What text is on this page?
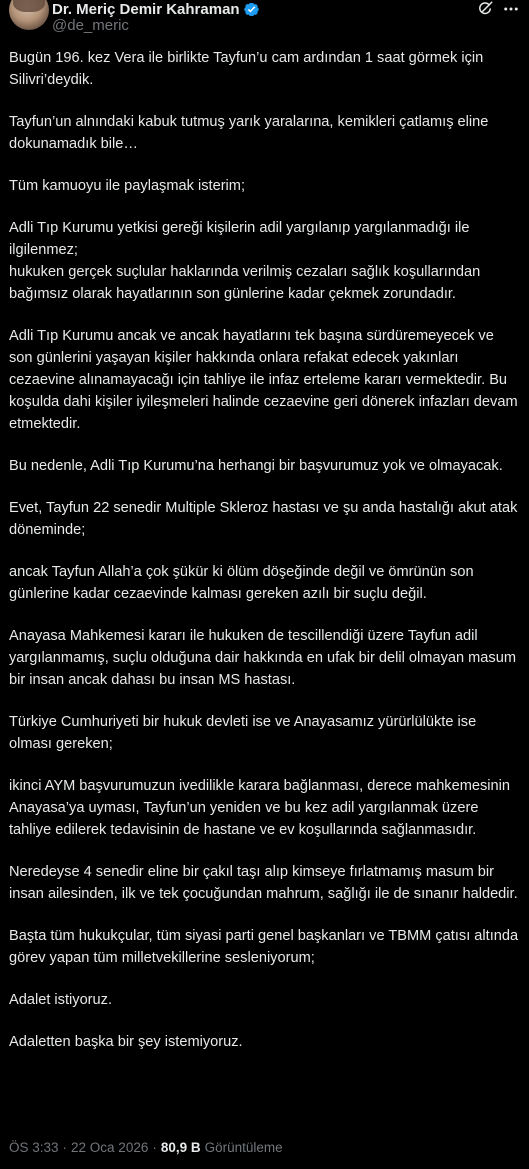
Dr. Meriç Demir Kahraman
@de_meric

Bugün 196. kez Vera ile birlikte Tayfun’u cam ardından 1 saat görmek için Silivri’deydik.

Tayfun’un alnındaki kabuk tutmuş yarık yaralarına, kemikleri çatlamış eline dokunamadık bile…

Tüm kamuoyu ile paylaşmak isterim;

Adli Tıp Kurumu yetkisi gereği kişilerin adil yargılanıp yargılanmadığı ile ilgilenmez;
hukuken gerçek suçlular haklarında verilmiş cezaları sağlık koşullarından bağımsız olarak hayatlarının son günlerine kadar çekmek zorundadır.

Adli Tıp Kurumu ancak ve ancak hayatlarını tek başına sürdüremeyecek ve son günlerini yaşayan kişiler hakkında onlara refakat edecek yakınları cezaevine alınamayacağı için tahliye ile infaz erteleme kararı vermektedir. Bu koşulda dahi kişiler iyileşmeleri halinde cezaevine geri dönerek infazları devam etmektedir.

Bu nedenle, Adli Tıp Kurumu’na herhangi bir başvurumuz yok ve olmayacak.

Evet, Tayfun 22 senedir Multiple Skleroz hastası ve şu anda hastalığı akut atak döneminde;

ancak Tayfun Allah’a çok şükür ki ölüm döşeğinde değil ve ömrünün son günlerine kadar cezaevinde kalması gereken azılı bir suçlu değil.

Anayasa Mahkemesi kararı ile hukuken de tescillendiği üzere Tayfun adil yargılanmamış, suçlu olduğuna dair hakkında en ufak bir delil olmayan masum bir insan ancak dahası bu insan MS hastası.

Türkiye Cumhuriyeti bir hukuk devleti ise ve Anayasamız yürürlülükte ise olması gereken;

ikinci AYM başvurumuzun ivedilikle karara bağlanması, derece mahkemesinin Anayasa’ya uyması, Tayfun’un yeniden ve bu kez adil yargılanmak üzere tahliye edilerek tedavisinin de hastane ve ev koşullarında sağlanmasıdır.

Neredeyse 4 senedir eline bir çakıl taşı alıp kimseye fırlatmamış masum bir insan ailesinden, ilk ve tek çocuğundan mahrum, sağlığı ile de sınanır haldedir.

Başta tüm hukukçular, tüm siyasi parti genel başkanları ve TBMM çatısı altında görev yapan tüm milletvekillerine sesleniyorum;

Adalet istiyoruz.

Adaletten başka bir şey istemiyoruz.

ÖS 3:33 · 22 Oca 2026 · 80,9 B Görüntüleme
